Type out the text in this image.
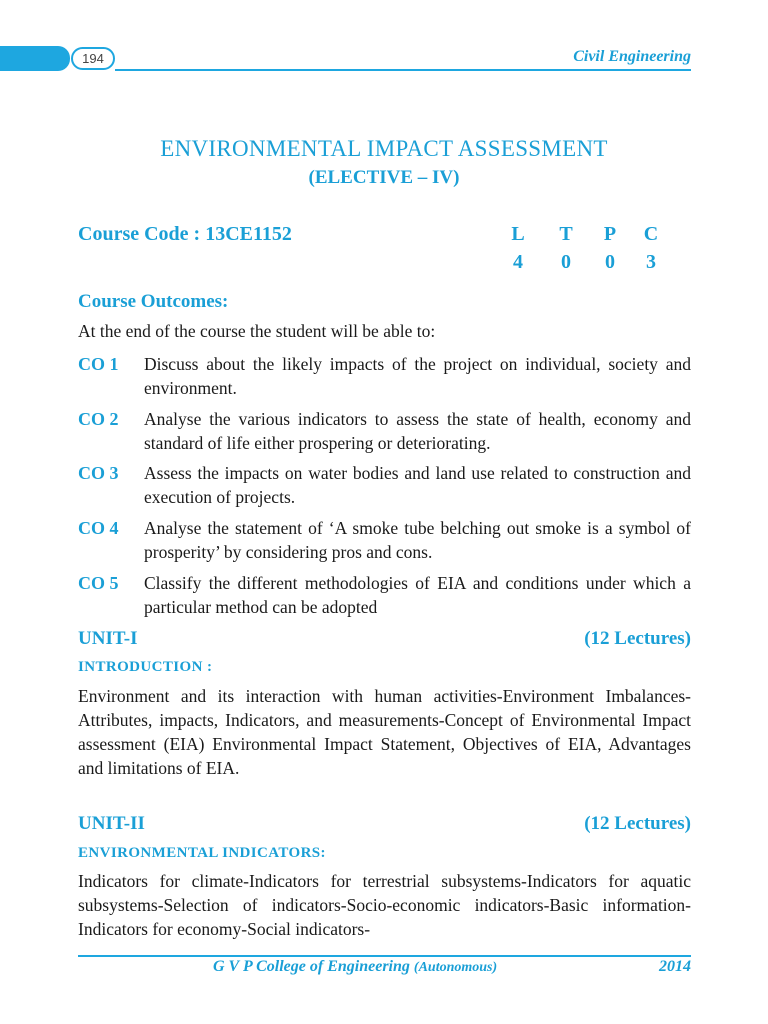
194	Civil Engineering
ENVIRONMENTAL IMPACT ASSESSMENT
(ELECTIVE – IV)
Course Code : 13CE1152	L	T	P	C
4	0	0	3
Course Outcomes:
At the end of the course the student will be able to:
CO 1 Discuss about the likely impacts of the project on individual, society and environment.
CO 2 Analyse the various indicators to assess the state of health, economy and standard of life either prospering or deteriorating.
CO 3 Assess the impacts on water bodies and land use related to construction and execution of projects.
CO 4 Analyse the statement of ‘A smoke tube belching out smoke is a symbol of prosperity’ by considering pros and cons.
CO 5 Classify the different methodologies of EIA and conditions under which a particular method can be adopted
UNIT-I	(12 Lectures)
INTRODUCTION :
Environment and its interaction with human activities-Environment Imbalances- Attributes, impacts, Indicators, and measurements-Concept of Environmental Impact assessment (EIA) Environmental Impact Statement, Objectives of EIA, Advantages and limitations of EIA.
UNIT-II	(12 Lectures)
ENVIRONMENTAL INDICATORS:
Indicators for climate-Indicators for terrestrial subsystems-Indicators for aquatic subsystems-Selection of indicators-Socio-economic indicators-Basic information-Indicators for economy-Social indicators-
G V P College of Engineering (Autonomous)	2014
